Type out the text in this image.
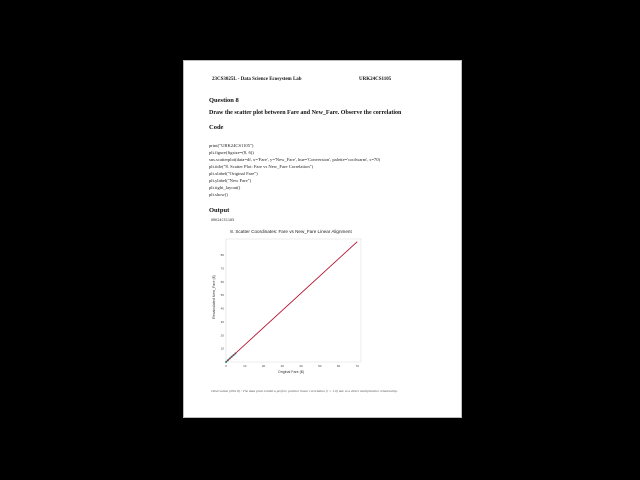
23CS3025L - Data Science Ecosystem Lab	URK24CS1105
Question 8
Draw the scatter plot between Fare and New_Fare. Observe the correlation
Code
print("URK24CS1105")
plt.figure(figsize=(8, 6))
sns.scatterplot(data=df, x='Fare', y='New_Fare', hue='Conversion', palette='coolwarm', s=70)
plt.title("8. Scatter Plot: Fare vs New_Fare Correlation")
plt.xlabel("Original Fare")
plt.ylabel("New Fare")
plt.tight_layout()
plt.show()
Output
URK24CS1105
8. Scatter Coordinates: Fare vs New_Fare Linear Alignment
0	10	20	30	40	50	60	70
10
20
30
40
50
60
70
80
Original Fare ($)
Recalculated New_Fare ($)
Observation (Plot 8) : The data plots exhibit a perfect, positive linear correlation (r = 1.0) due to a direct multiplicative relationship.
